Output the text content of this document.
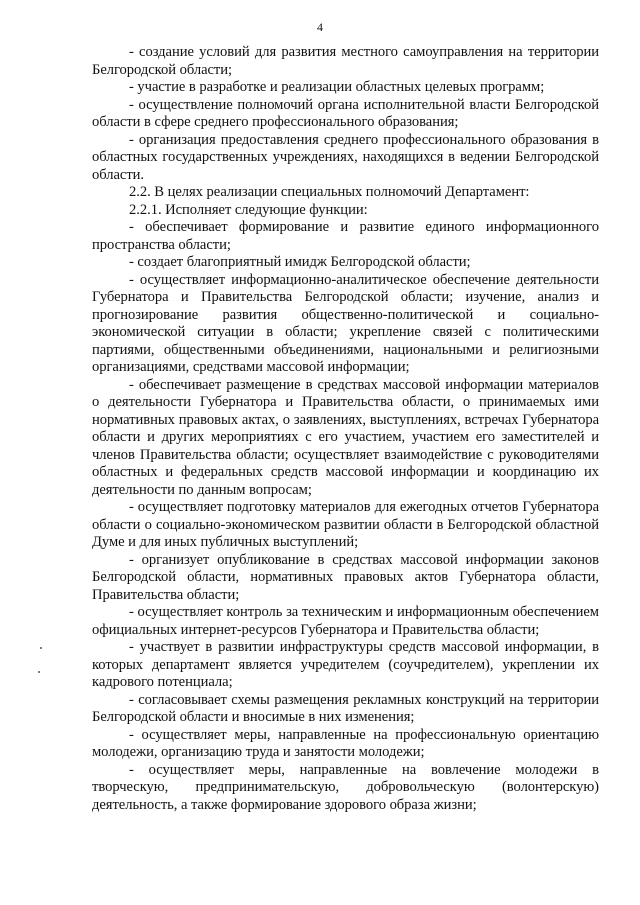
4

- создание условий для развития местного самоуправления на территории Белгородской области;

- участие в разработке и реализации областных целевых программ;

- осуществление полномочий органа исполнительной власти Белгородской области в сфере среднего профессионального образования;

- организация предоставления среднего профессионального образования в областных государственных учреждениях, находящихся в ведении Белгородской области.

2.2. В целях реализации специальных полномочий Департамент:

2.2.1. Исполняет следующие функции:

- обеспечивает формирование и развитие единого информационного пространства области;

- создает благоприятный имидж Белгородской области;

- осуществляет информационно-аналитическое обеспечение деятельности Губернатора и Правительства Белгородской области; изучение, анализ и прогнозирование развития общественно-политической и социально-экономической ситуации в области; укрепление связей с политическими партиями, общественными объединениями, национальными и религиозными организациями, средствами массовой информации;

- обеспечивает размещение в средствах массовой информации материалов о деятельности Губернатора и Правительства области, о принимаемых ими нормативных правовых актах, о заявлениях, выступлениях, встречах Губернатора области и других мероприятиях с его участием, участием его заместителей и членов Правительства области; осуществляет взаимодействие с руководителями областных и федеральных средств массовой информации и координацию их деятельности по данным вопросам;

- осуществляет подготовку материалов для ежегодных отчетов Губернатора области о социально-экономическом развитии области в Белгородской областной Думе и для иных публичных выступлений;

- организует опубликование в средствах массовой информации законов Белгородской области, нормативных правовых актов Губернатора области, Правительства области;

- осуществляет контроль за техническим и информационным обеспечением официальных интернет-ресурсов Губернатора и Правительства области;

- участвует в развитии инфраструктуры средств массовой информации, в которых департамент является учредителем (соучредителем), укреплении их кадрового потенциала;

- согласовывает схемы размещения рекламных конструкций на территории Белгородской области и вносимые в них изменения;

- осуществляет меры, направленные на профессиональную ориентацию молодежи, организацию труда и занятости молодежи;

- осуществляет меры, направленные на вовлечение молодежи в творческую, предпринимательскую, добровольческую (волонтерскую) деятельность, а также формирование здорового образа жизни;
